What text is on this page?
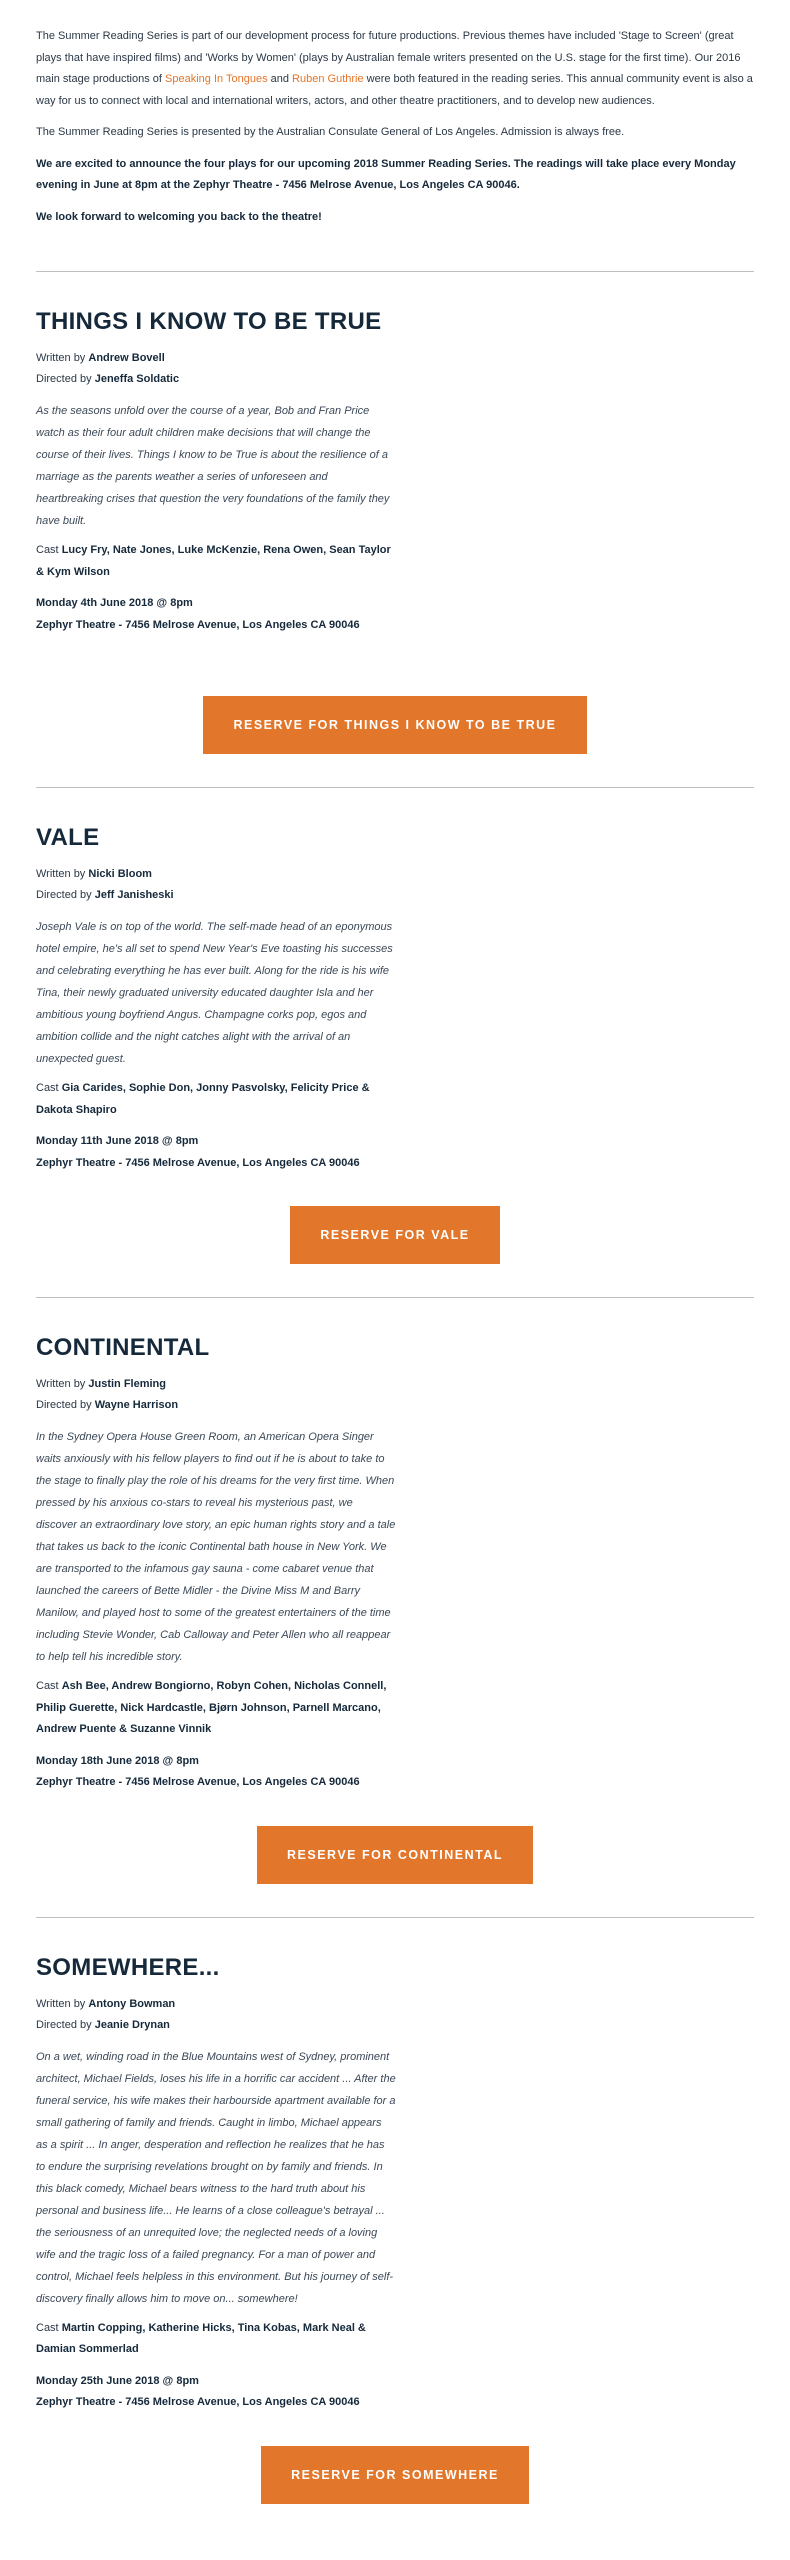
The Summer Reading Series is part of our development process for future productions. Previous themes have included 'Stage to Screen' (great plays that have inspired films) and 'Works by Women' (plays by Australian female writers presented on the U.S. stage for the first time). Our 2016 main stage productions of Speaking In Tongues and Ruben Guthrie were both featured in the reading series. This annual community event is also a way for us to connect with local and international writers, actors, and other theatre practitioners, and to develop new audiences.

The Summer Reading Series is presented by the Australian Consulate General of Los Angeles. Admission is always free.

We are excited to announce the four plays for our upcoming 2018 Summer Reading Series. The readings will take place every Monday evening in June at 8pm at the Zephyr Theatre - 7456 Melrose Avenue, Los Angeles CA 90046.

We look forward to welcoming you back to the theatre!

THINGS I KNOW TO BE TRUE

Written by Andrew Bovell

Directed by Jeneffa Soldatic

As the seasons unfold over the course of a year, Bob and Fran Price watch as their four adult children make decisions that will change the course of their lives. Things I know to be True is about the resilience of a marriage as the parents weather a series of unforeseen and heartbreaking crises that question the very foundations of the family they have built.

Cast Lucy Fry, Nate Jones, Luke McKenzie, Rena Owen, Sean Taylor & Kym Wilson

Monday 4th June 2018 @ 8pm

Zephyr Theatre - 7456 Melrose Avenue, Los Angeles CA 90046

RESERVE FOR THINGS I KNOW TO BE TRUE
VALE

Written by Nicki Bloom

Directed by Jeff Janisheski

Joseph Vale is on top of the world. The self-made head of an eponymous hotel empire, he's all set to spend New Year's Eve toasting his successes and celebrating everything he has ever built. Along for the ride is his wife Tina, their newly graduated university educated daughter Isla and her ambitious young boyfriend Angus. Champagne corks pop, egos and ambition collide and the night catches alight with the arrival of an unexpected guest.

Cast Gia Carides, Sophie Don, Jonny Pasvolsky, Felicity Price & Dakota Shapiro

Monday 11th June 2018 @ 8pm

Zephyr Theatre - 7456 Melrose Avenue, Los Angeles CA 90046

RESERVE FOR VALE
CONTINENTAL

Written by Justin Fleming

Directed by Wayne Harrison

In the Sydney Opera House Green Room, an American Opera Singer waits anxiously with his fellow players to find out if he is about to take to the stage to finally play the role of his dreams for the very first time. When pressed by his anxious co-stars to reveal his mysterious past, we discover an extraordinary love story, an epic human rights story and a tale that takes us back to the iconic Continental bath house in New York. We are transported to the infamous gay sauna - come cabaret venue that launched the careers of Bette Midler - the Divine Miss M and Barry Manilow, and played host to some of the greatest entertainers of the time including Stevie Wonder, Cab Calloway and Peter Allen who all reappear to help tell his incredible story.

Cast Ash Bee, Andrew Bongiorno, Robyn Cohen, Nicholas Connell, Philip Guerette, Nick Hardcastle, Bjørn Johnson, Parnell Marcano, Andrew Puente & Suzanne Vinnik

Monday 18th June 2018 @ 8pm

Zephyr Theatre - 7456 Melrose Avenue, Los Angeles CA 90046

RESERVE FOR CONTINENTAL
SOMEWHERE...

Written by Antony Bowman

Directed by Jeanie Drynan

On a wet, winding road in the Blue Mountains west of Sydney, prominent architect, Michael Fields, loses his life in a horrific car accident ... After the funeral service, his wife makes their harbourside apartment available for a small gathering of family and friends. Caught in limbo, Michael appears as a spirit ... In anger, desperation and reflection he realizes that he has to endure the surprising revelations brought on by family and friends. In this black comedy, Michael bears witness to the hard truth about his personal and business life... He learns of a close colleague's betrayal ... the seriousness of an unrequited love; the neglected needs of a loving wife and the tragic loss of a failed pregnancy. For a man of power and control, Michael feels helpless in this environment. But his journey of self-discovery finally allows him to move on... somewhere!

Cast Martin Copping, Katherine Hicks, Tina Kobas, Mark Neal & Damian Sommerlad

Monday 25th June 2018 @ 8pm

Zephyr Theatre - 7456 Melrose Avenue, Los Angeles CA 90046

RESERVE FOR SOMEWHERE
